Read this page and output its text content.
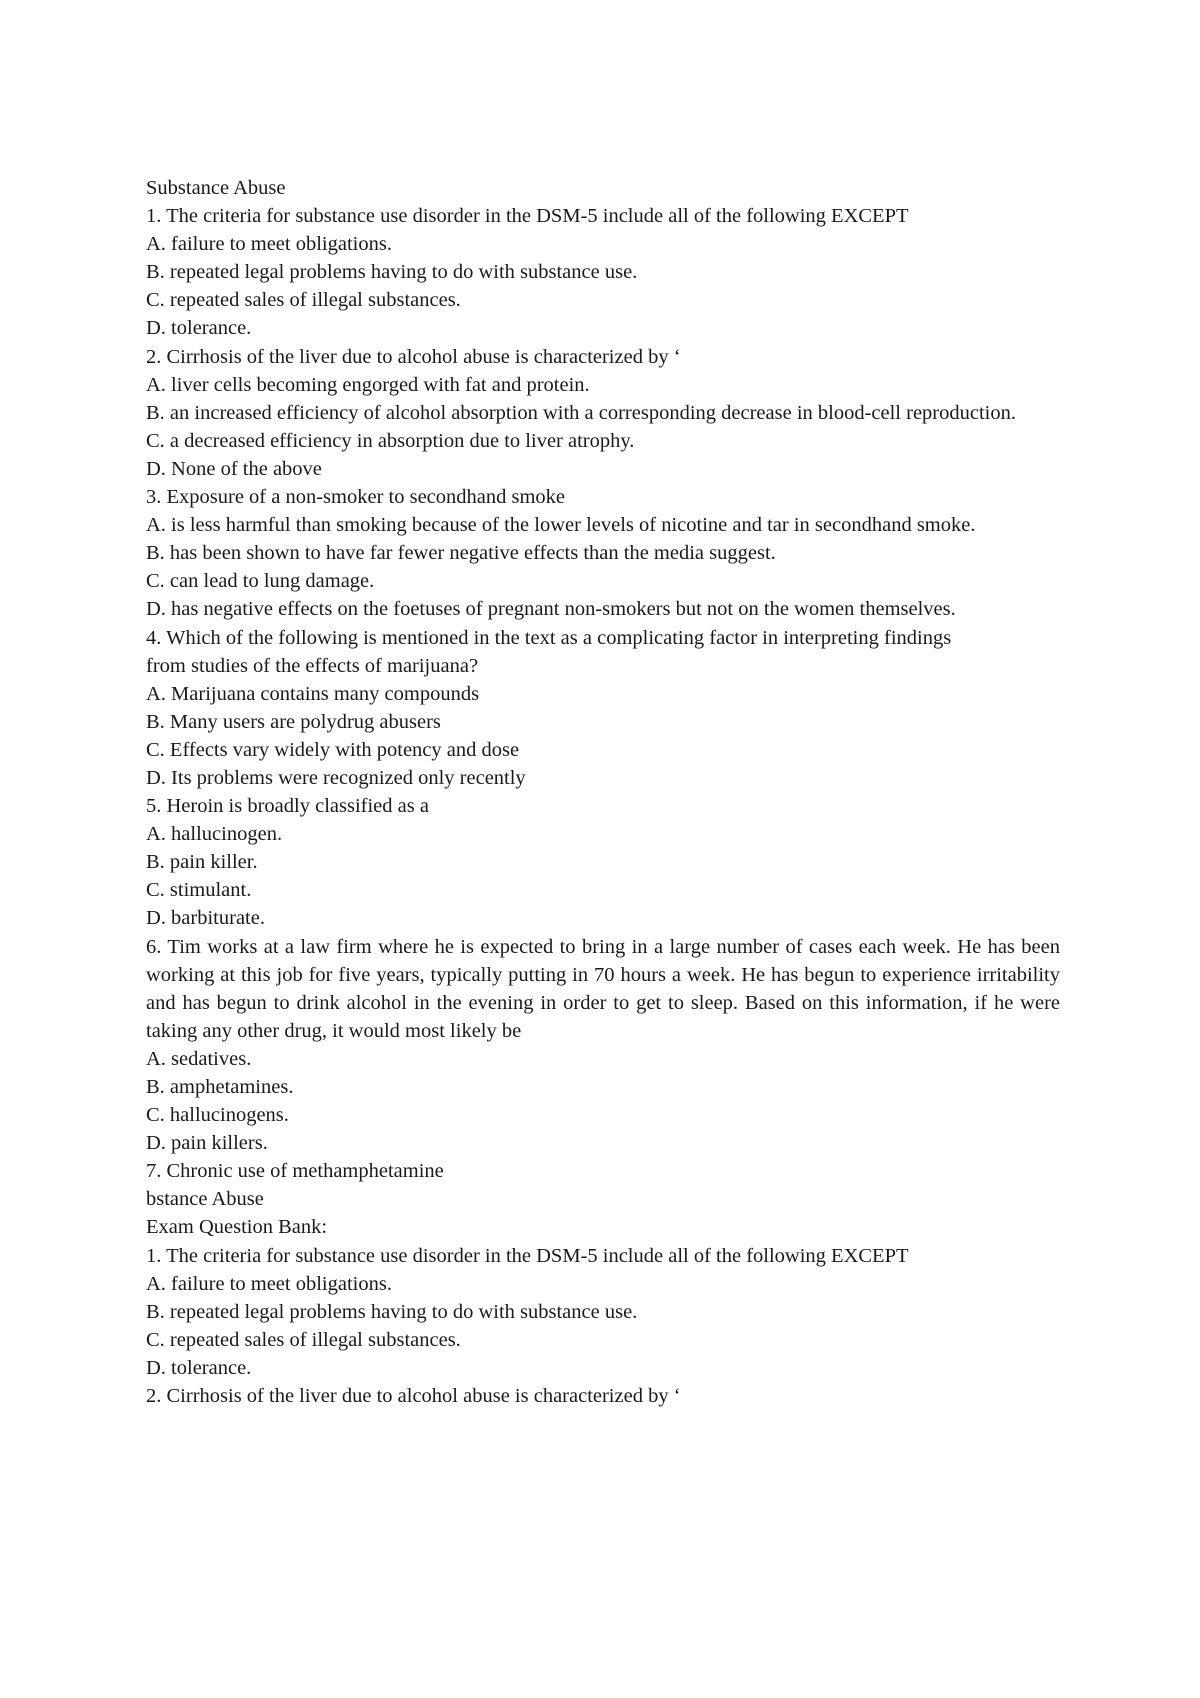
Substance Abuse
1. The criteria for substance use disorder in the DSM-5 include all of the following EXCEPT
A. failure to meet obligations.
B. repeated legal problems having to do with substance use.
C. repeated sales of illegal substances.
D. tolerance.
2. Cirrhosis of the liver due to alcohol abuse is characterized by ‘
A. liver cells becoming engorged with fat and protein.
B. an increased efficiency of alcohol absorption with a corresponding decrease in blood-cell reproduction.
C. a decreased efficiency in absorption due to liver atrophy.
D. None of the above
3. Exposure of a non-smoker to secondhand smoke
A. is less harmful than smoking because of the lower levels of nicotine and tar in secondhand smoke.
B. has been shown to have far fewer negative effects than the media suggest.
C. can lead to lung damage.
D. has negative effects on the foetuses of pregnant non-smokers but not on the women themselves.
4. Which of the following is mentioned in the text as a complicating factor in interpreting findings
from studies of the effects of marijuana?
A. Marijuana contains many compounds
B. Many users are polydrug abusers
C. Effects vary widely with potency and dose
D. Its problems were recognized only recently
5. Heroin is broadly classified as a
A. hallucinogen.
B. pain killer.
C. stimulant.
D. barbiturate.
6. Tim works at a law firm where he is expected to bring in a large number of cases each week. He has been working at this job for five years, typically putting in 70 hours a week. He has begun to experience irritability and has begun to drink alcohol in the evening in order to get to sleep. Based on this information, if he were taking any other drug, it would most likely be
A. sedatives.
B. amphetamines.
C. hallucinogens.
D. pain killers.
7. Chronic use of methamphetamine
bstance Abuse
Exam Question Bank:
1. The criteria for substance use disorder in the DSM-5 include all of the following EXCEPT
A. failure to meet obligations.
B. repeated legal problems having to do with substance use.
C. repeated sales of illegal substances.
D. tolerance.
2. Cirrhosis of the liver due to alcohol abuse is characterized by ‘
